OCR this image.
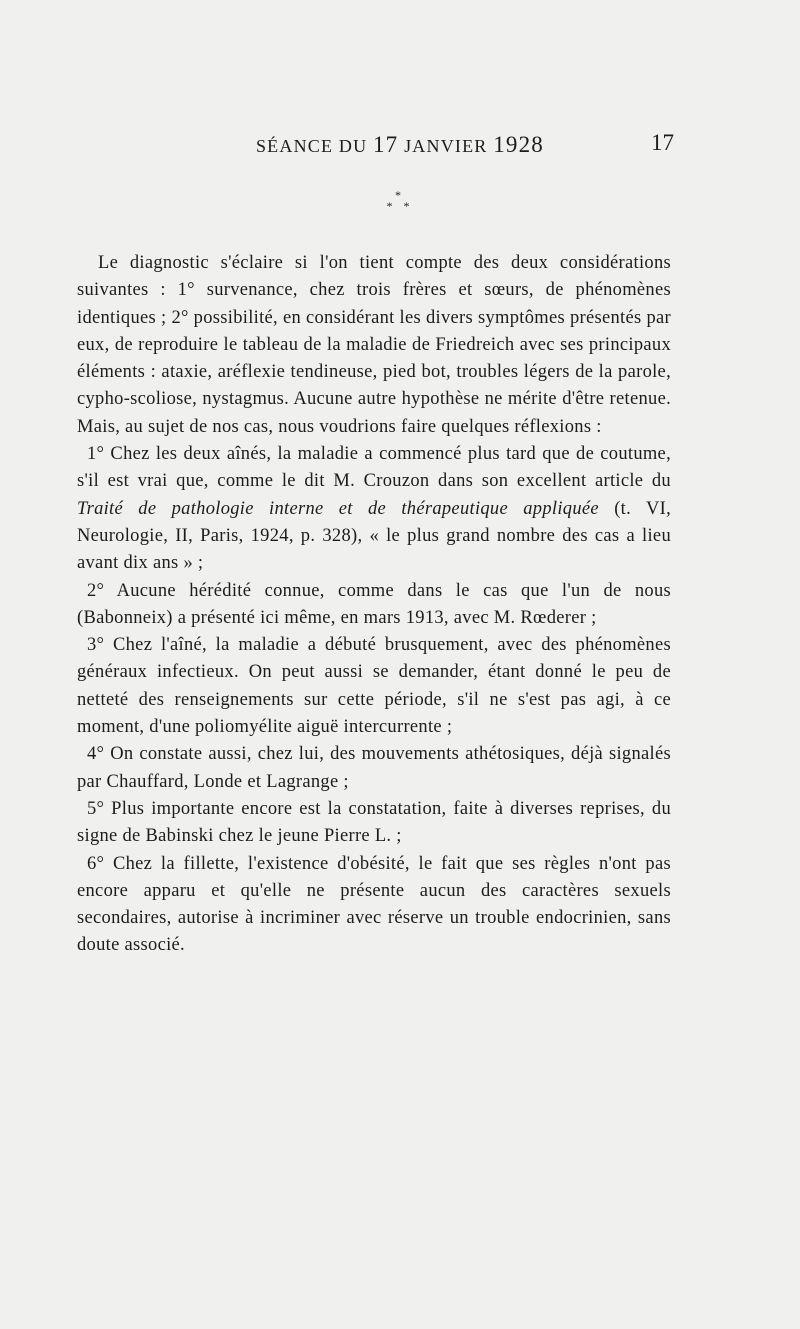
SÉANCE DU 17 JANVIER 1928	17
*
* *

Le diagnostic s'éclaire si l'on tient compte des deux considérations suivantes : 1° survenance, chez trois frères et sœurs, de phénomènes identiques ; 2° possibilité, en considérant les divers symptômes présentés par eux, de reproduire le tableau de la maladie de Friedreich avec ses principaux éléments : ataxie, aréflexie tendineuse, pied bot, troubles légers de la parole, cypho-scoliose, nystagmus. Aucune autre hypothèse ne mérite d'être retenue. Mais, au sujet de nos cas, nous voudrions faire quelques réflexions :

1° Chez les deux aînés, la maladie a commencé plus tard que de coutume, s'il est vrai que, comme le dit M. Crouzon dans son excellent article du Traité de pathologie interne et de thérapeutique appliquée (t. VI, Neurologie, II, Paris, 1924, p. 328), « le plus grand nombre des cas a lieu avant dix ans » ;

2° Aucune hérédité connue, comme dans le cas que l'un de nous (Babonneix) a présenté ici même, en mars 1913, avec M. Rœderer ;

3° Chez l'aîné, la maladie a débuté brusquement, avec des phénomènes généraux infectieux. On peut aussi se demander, étant donné le peu de netteté des renseignements sur cette période, s'il ne s'est pas agi, à ce moment, d'une poliomyélite aiguë intercurrente ;

4° On constate aussi, chez lui, des mouvements athétosiques, déjà signalés par Chauffard, Londe et Lagrange ;

5° Plus importante encore est la constatation, faite à diverses reprises, du signe de Babinski chez le jeune Pierre L. ;

6° Chez la fillette, l'existence d'obésité, le fait que ses règles n'ont pas encore apparu et qu'elle ne présente aucun des caractères sexuels secondaires, autorise à incriminer avec réserve un trouble endocrinien, sans doute associé.
